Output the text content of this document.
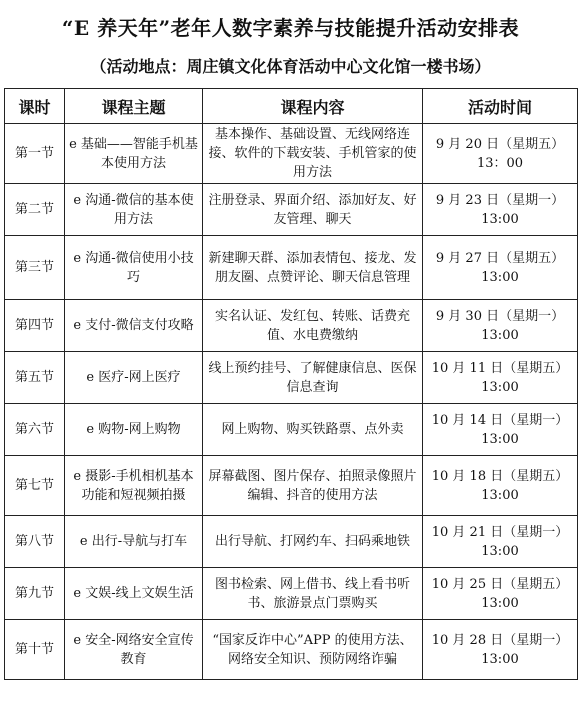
“E 养天年”老年人数字素养与技能提升活动安排表
（活动地点：周庄镇文化体育活动中心文化馆一楼书场）
课时	课程主题	课程内容	活动时间
第一节	e 基础——智能手机基本使用方法	基本操作、基础设置、无线网络连接、软件的下载安装、手机管家的使用方法	9 月 20 日（星期五）13：00
第二节	e 沟通-微信的基本使用方法	注册登录、界面介绍、添加好友、好友管理、聊天	9 月 23 日（星期一）13:00
第三节	e 沟通-微信使用小技巧	新建聊天群、添加表情包、接龙、发朋友圈、点赞评论、聊天信息管理	9 月 27 日（星期五）13:00
第四节	e 支付-微信支付攻略	实名认证、发红包、转账、话费充值、水电费缴纳	9 月 30 日（星期一）13:00
第五节	e 医疗-网上医疗	线上预约挂号、了解健康信息、医保信息查询	10 月 11 日（星期五）13:00
第六节	e 购物-网上购物	网上购物、购买铁路票、点外卖	10 月 14 日（星期一）13:00
第七节	e 摄影-手机相机基本功能和短视频拍摄	屏幕截图、图片保存、拍照录像照片编辑、抖音的使用方法	10 月 18 日（星期五）13:00
第八节	e 出行-导航与打车	出行导航、打网约车、扫码乘地铁	10 月 21 日（星期一）13:00
第九节	e 文娱-线上文娱生活	图书检索、网上借书、线上看书听书、旅游景点门票购买	10 月 25 日（星期五）13:00
第十节	e 安全-网络安全宣传教育	“国家反诈中心”APP 的使用方法、网络安全知识、预防网络诈骗	10 月 28 日（星期一）13:00
